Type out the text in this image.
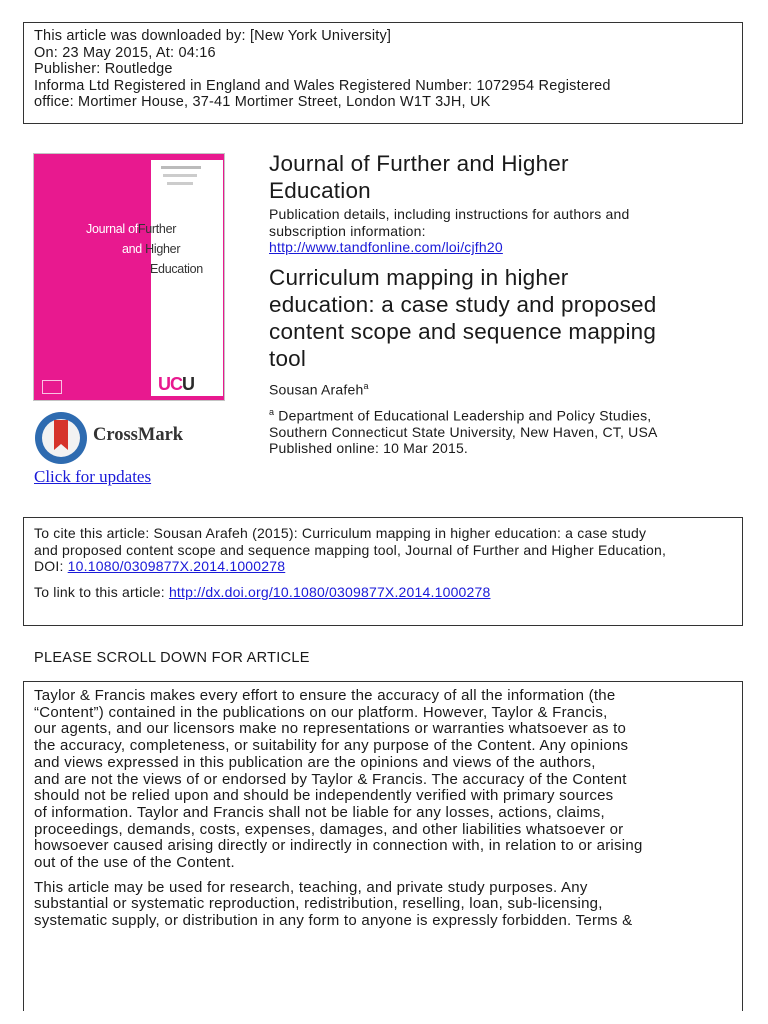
This article was downloaded by: [New York University]
On: 23 May 2015, At: 04:16
Publisher: Routledge
Informa Ltd Registered in England and Wales Registered Number: 1072954 Registered
office: Mortimer House, 37-41 Mortimer Street, London W1T 3JH, UK
Journal ofFurther
and Higher
Education
UCU
CrossMark
Click for updates
Journal of Further and Higher
Education
Publication details, including instructions for authors and
subscription information:
http://www.tandfonline.com/loi/cjfh20
Curriculum mapping in higher
education: a case study and proposed
content scope and sequence mapping
tool
Sousan Arafeh$^a$
$^a$ Department of Educational Leadership and Policy Studies,
Southern Connecticut State University, New Haven, CT, USA
Published online: 10 Mar 2015.
To cite this article: Sousan Arafeh (2015): Curriculum mapping in higher education: a case study
and proposed content scope and sequence mapping tool, Journal of Further and Higher Education,
DOI: 10.1080/0309877X.2014.1000278
To link to this article: http://dx.doi.org/10.1080/0309877X.2014.1000278
PLEASE SCROLL DOWN FOR ARTICLE

Taylor & Francis makes every effort to ensure the accuracy of all the information (the
“Content”) contained in the publications on our platform. However, Taylor & Francis,
our agents, and our licensors make no representations or warranties whatsoever as to
the accuracy, completeness, or suitability for any purpose of the Content. Any opinions
and views expressed in this publication are the opinions and views of the authors,
and are not the views of or endorsed by Taylor & Francis. The accuracy of the Content
should not be relied upon and should be independently verified with primary sources
of information. Taylor and Francis shall not be liable for any losses, actions, claims,
proceedings, demands, costs, expenses, damages, and other liabilities whatsoever or
howsoever caused arising directly or indirectly in connection with, in relation to or arising
out of the use of the Content.

This article may be used for research, teaching, and private study purposes. Any
substantial or systematic reproduction, redistribution, reselling, loan, sub-licensing,
systematic supply, or distribution in any form to anyone is expressly forbidden. Terms &
